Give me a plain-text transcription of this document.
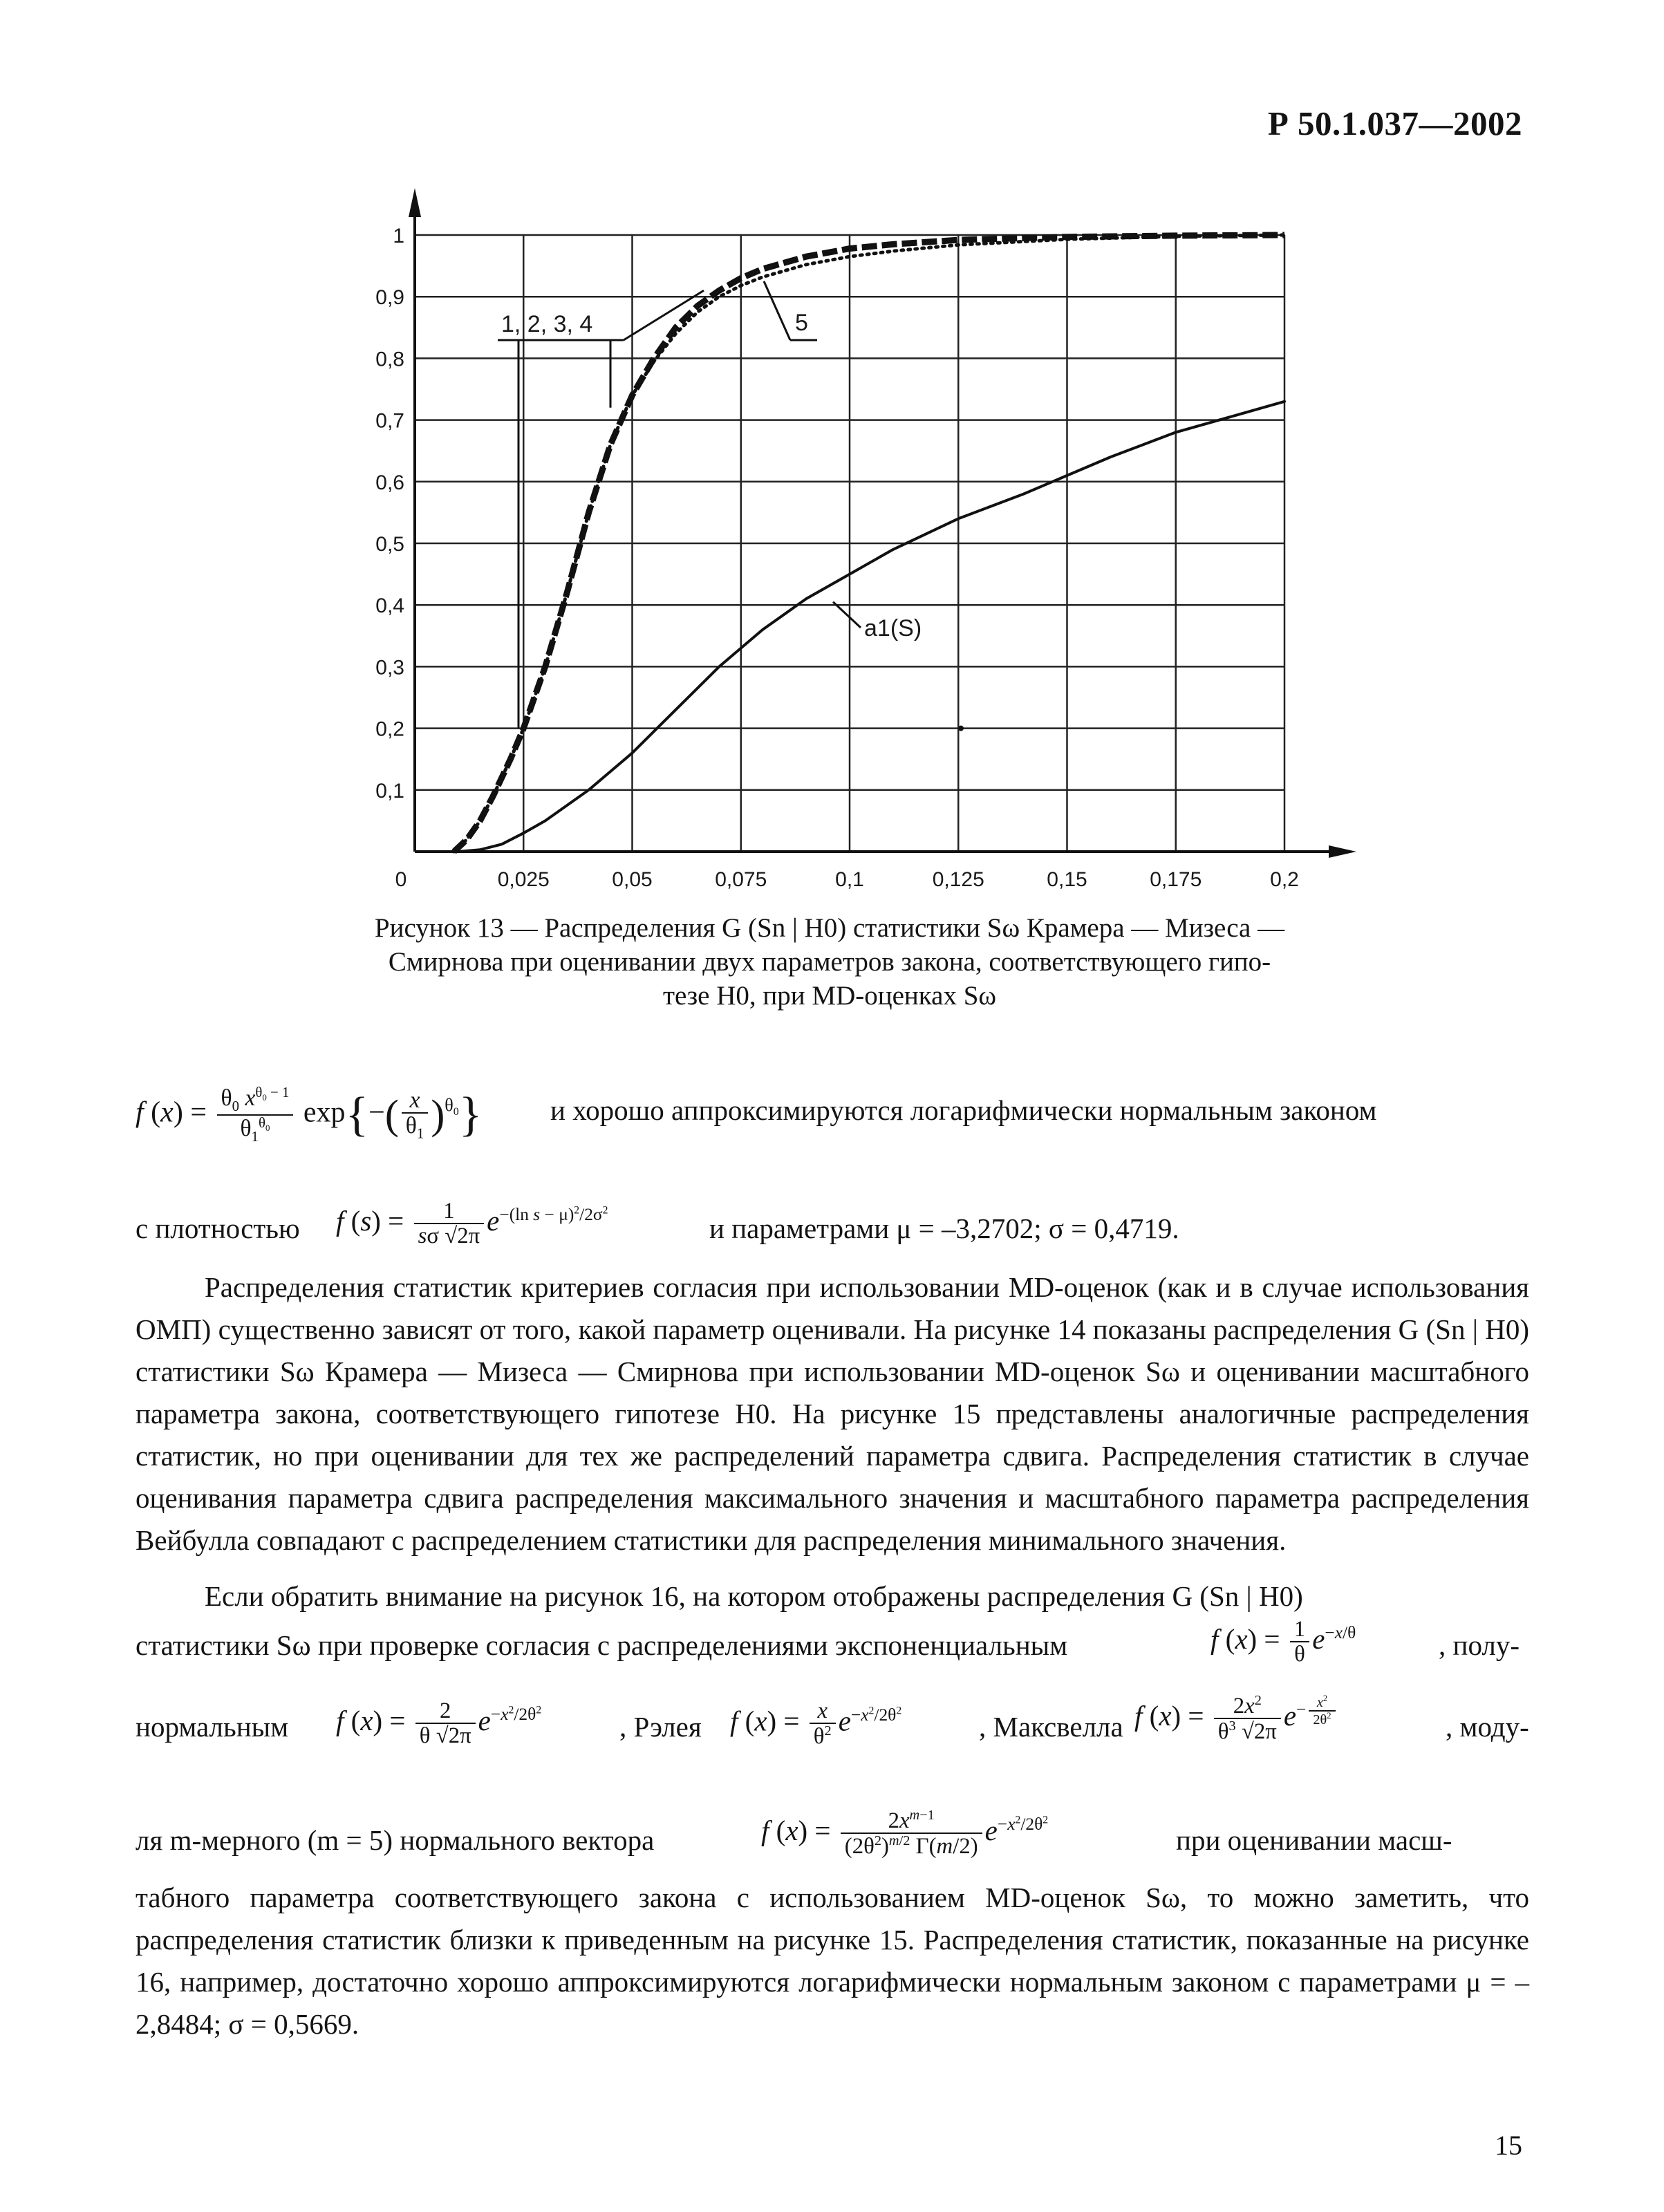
Р 50.1.037—2002
0	0,025	0,05	0,075	0,1	0,125	0,15	0,175	0,2
0,1
0,2
0,3
0,4
0,5
0,6
0,7
0,8
0,9
1
1, 2, 3, 4	5
a1(S)
Рисунок 13 — Распределения G (Sn | H0) статистики Sω Крамера — Мизеса —
Смирнова при оценивании двух параметров закона, соответствующего гипо-
тезе H0, при MD-оценках Sω
f $(x) = \frac{\theta_0 x^{\theta_0 - 1}}{\theta_1^{\theta_0}} \exp\{-( \frac{x}{\theta_1} )^{\theta_0}\}$ и хорошо аппроксимируются логарифмически нормальным законом
с плотностью f $(s) = \frac{1}{s\sigma √2\pi} e^{-(ln s - \mu)^2/2\sigma^2}$
и параметрами μ = –3,2702; σ = 0,4719.

Распределения статистик критериев согласия при использовании MD-оценок (как и в случае использования ОМП) существенно зависят от того, какой параметр оценивали. На рисунке 14 показаны распределения G (Sn | H0) статистики Sω Крамера — Мизеса — Смирнова при использовании MD-оценок Sω и оценивании масштабного параметра закона, соответствующего гипотезе H0. На рисунке 15 представлены аналогичные распределения статистик, но при оценивании для тех же распределений параметра сдвига. Распределения статистик в случае оценивания параметра сдвига распределения максимального значения и масштабного параметра распределения Вейбулла совпадают с распределением статистики для распределения минимального значения.

Если обратить внимание на рисунок 16, на котором отображены распределения G (Sn | H0)
статистики Sω при проверке согласия с распределениями экспоненциальным	f $(x) = \frac{1}{\theta} e^{-x/\theta}$	, полу-
нормальным f $(x) = \frac{2}{\theta √2\pi} e^{-x^2/2\theta^2}$
, Рэлея f $(x) = \frac{x}{\theta^2} e^{-x^2/2\theta^2}$
, Максвелла f $(x) = \frac{2x^2}{\theta^3 √2\pi} e^{- \frac{x^2}{2\theta^2}}$	, моду-
ля m-мерного (m = 5) нормального вектора	f $(x) = \frac{2x^{m-1}}{(2\theta^2)^{m/2} \Gamma(m/2)} e^{-x^2/2\theta^2}$
при оценивании масш-

табного параметра соответствующего закона с использованием MD-оценок Sω, то можно заметить, что распределения статистик близки к приведенным на рисунке 15. Распределения статистик, показанные на рисунке 16, например, достаточно хорошо аппроксимируются логарифмически нормальным законом с параметрами μ = –2,8484; σ = 0,5669.

15
